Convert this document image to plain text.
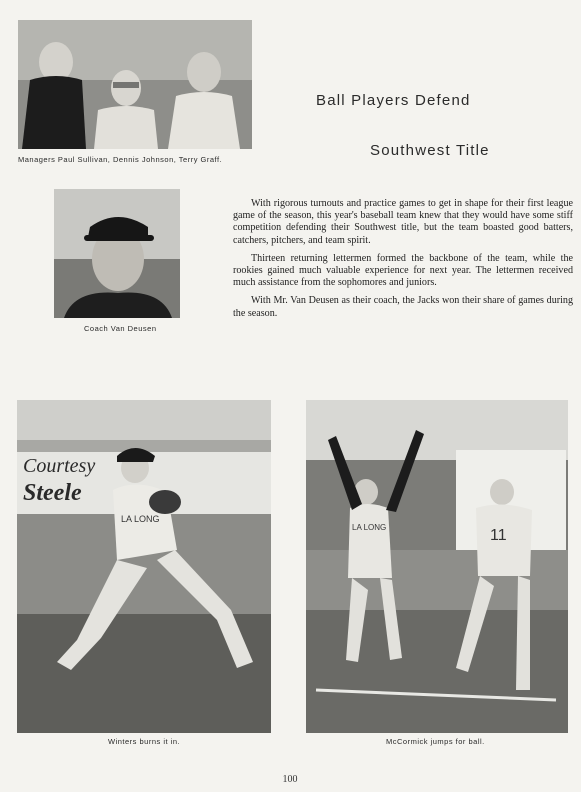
Managers Paul Sullivan, Dennis Johnson, Terry Graff.
Coach Van Deusen
Ball Players Defend
Southwest Title

With rigorous turnouts and practice games to get in shape for their first league game of the season, this year's baseball team knew that they would have some stiff competition defending their Southwest title, but the team boasted good batters, catchers, pitchers, and team spirit.

Thirteen returning lettermen formed the backbone of the team, while the rookies gained much valuable experience for next year. The lettermen received much assistance from the sophomores and juniors.

With Mr. Van Deusen as their coach, the Jacks won their share of games during the season.

Courtesy
Steele
LA LONG
Winters burns it in.
LA LONG	11
McCormick jumps for ball.
100
